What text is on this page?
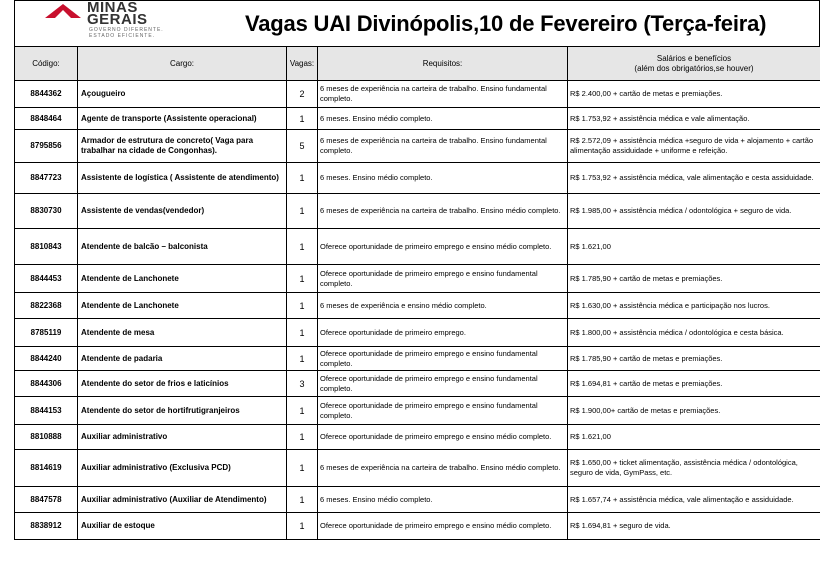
MINAS
GERAIS
GOVERNO DIFERENTE.
ESTADO EFICIENTE.	Vagas UAI Divinópolis,10 de Fevereiro (Terça-feira)
Código:	Cargo:	Vagas:	Requisitos:	Salários e benefícios
(além dos obrigatórios,se houver)

8844362	Açougueiro	2	6 meses de experiência na carteira de trabalho. Ensino fundamental completo.	R$ 2.400,00 + cartão de metas e premiações.
8848464	Agente de transporte (Assistente operacional)	1	6 meses. Ensino médio completo.	R$ 1.753,92 + assistência médica e vale alimentação.
8795856	Armador de estrutura de concreto( Vaga para trabalhar na cidade de Congonhas).	5	6 meses de experiência na carteira de trabalho. Ensino fundamental completo.	R$ 2.572,09 + assistência médica +seguro de vida + alojamento + cartão alimentação assiduidade + uniforme e refeição.
8847723	Assistente de logística ( Assistente de atendimento)	1	6 meses. Ensino médio completo.	R$ 1.753,92 + assistência médica, vale alimentação e cesta assiduidade.
8830730	Assistente de vendas(vendedor)	1	6 meses de experiência na carteira de trabalho. Ensino médio completo.	R$ 1.985,00 + assistência médica / odontológica + seguro de vida.
8810843	Atendente de balcão – balconista	1	Oferece oportunidade de primeiro emprego e ensino médio completo.	R$ 1.621,00
8844453	Atendente de Lanchonete	1	Oferece oportunidade de primeiro emprego e ensino fundamental completo.	R$ 1.785,90 + cartão de metas e premiações.
8822368	Atendente de Lanchonete	1	6 meses de experiência e ensino médio completo.	R$ 1.630,00 + assistência médica e participação nos lucros.
8785119	Atendente de mesa	1	Oferece oportunidade de primeiro emprego.	R$ 1.800,00 + assistência médica / odontológica e cesta básica.
8844240	Atendente de padaria	1	Oferece oportunidade de primeiro emprego e ensino fundamental completo.	R$ 1.785,90 + cartão de metas e premiações.
8844306	Atendente do setor de frios e laticínios	3	Oferece oportunidade de primeiro emprego e ensino fundamental completo.	R$ 1.694,81 + cartão de metas e premiações.
8844153	Atendente do setor de hortifrutigranjeiros	1	Oferece oportunidade de primeiro emprego e ensino fundamental completo.	R$ 1.900,00+ cartão de metas e premiações.
8810888	Auxiliar administrativo	1	Oferece oportunidade de primeiro emprego e ensino médio completo.	R$ 1.621,00
8814619	Auxiliar administrativo (Exclusiva PCD)	1	6 meses de experiência na carteira de trabalho. Ensino médio completo.	R$ 1.650,00 + ticket alimentação, assistência médica / odontológica, seguro de vida, GymPass, etc.
8847578	Auxiliar administrativo (Auxiliar de Atendimento)	1	6 meses. Ensino médio completo.	R$ 1.657,74 + assistência médica, vale alimentação e assiduidade.
8838912	Auxiliar de estoque	1	Oferece oportunidade de primeiro emprego e ensino médio completo.	R$ 1.694,81 + seguro de vida.
